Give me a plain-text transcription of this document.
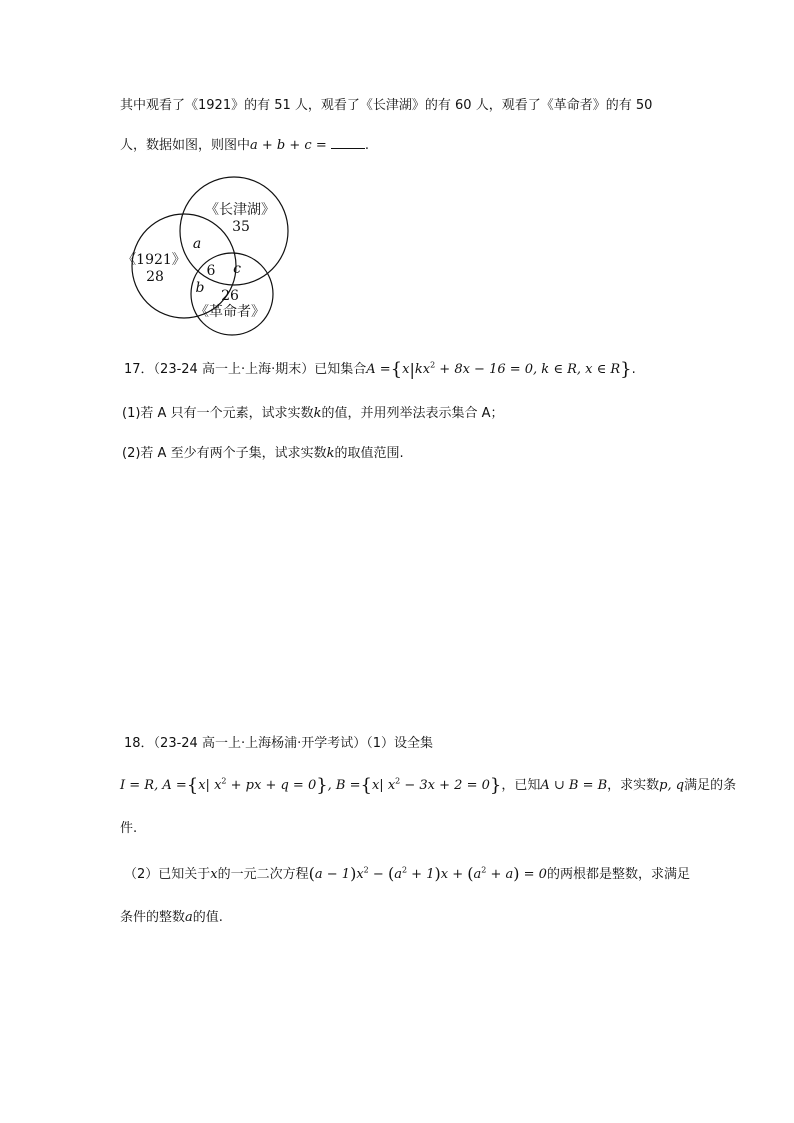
其中观看了《1921》的有 51 人，观看了《长津湖》的有 60 人，观看了《革命者》的有 50
人，数据如图，则图中a + b + c =	.
《长津湖》
35
《1921》
28
a
6 c
b 26
《革命者》
17．（23-24 高一上·上海·期末）已知集合$A =\{x|kx^2 + 8x - 16 = 0$, k ∈ R, x ∈ R}.
(1)若 A 只有一个元素，试求实数k的值，并用列举法表示集合 A；
(2)若 A 至少有两个子集，试求实数k的取值范围.
18．（23-24 高一上·上海杨浦·开学考试）（1）设全集
I = R, A ={x| $x^2$ + px + q = 0}, B ={x| $x^2 - 3x + 2 = 0$}，已知A ∪ B = B，求实数p, q满足的条
件.
（2）已知关于x的一元二次方程$(a - 1)x^2 - (a^2 + 1)x + (a^2 + a) = 0$的两根都是整数，求满足
条件的整数a的值.
